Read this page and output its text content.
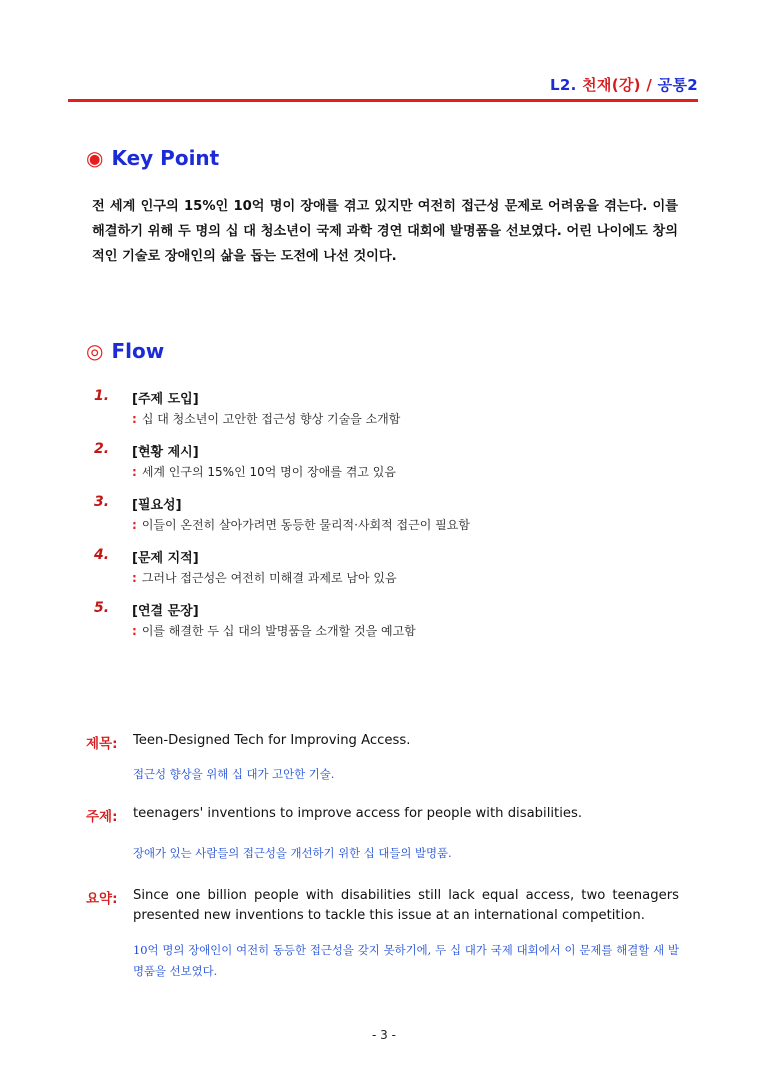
L2. 천재(강) / 공통2
◉ Key Point
전 세계 인구의 15%인 10억 명이 장애를 겪고 있지만 여전히 접근성 문제로 어려움을 겪는다. 이를 해결하기 위해 두 명의 십 대 청소년이 국제 과학 경연 대회에 발명품을 선보였다. 어린 나이에도 창의적인 기술로 장애인의 삶을 돕는 도전에 나선 것이다.
◎ Flow
1.	[주제 도입]
: 십 대 청소년이 고안한 접근성 향상 기술을 소개함
2.	[현황 제시]
: 세계 인구의 15%인 10억 명이 장애를 겪고 있음
3.	[필요성]
: 이들이 온전히 살아가려면 동등한 물리적·사회적 접근이 필요함
4.	[문제 지적]
: 그러나 접근성은 여전히 미해결 과제로 남아 있음
5.	[연결 문장]
: 이를 해결한 두 십 대의 발명품을 소개할 것을 예고함
제목: Teen-Designed Tech for Improving Access.
접근성 향상을 위해 십 대가 고안한 기술.
주제: teenagers' inventions to improve access for people with disabilities.
장애가 있는 사람들의 접근성을 개선하기 위한 십 대들의 발명품.
요약: Since one billion people with disabilities still lack equal access, two teenagers presented new inventions to tackle this issue at an international competition.
10억 명의 장애인이 여전히 동등한 접근성을 갖지 못하기에, 두 십 대가 국제 대회에서 이 문제를 해결할 새 발명품을 선보였다.
- 3 -
